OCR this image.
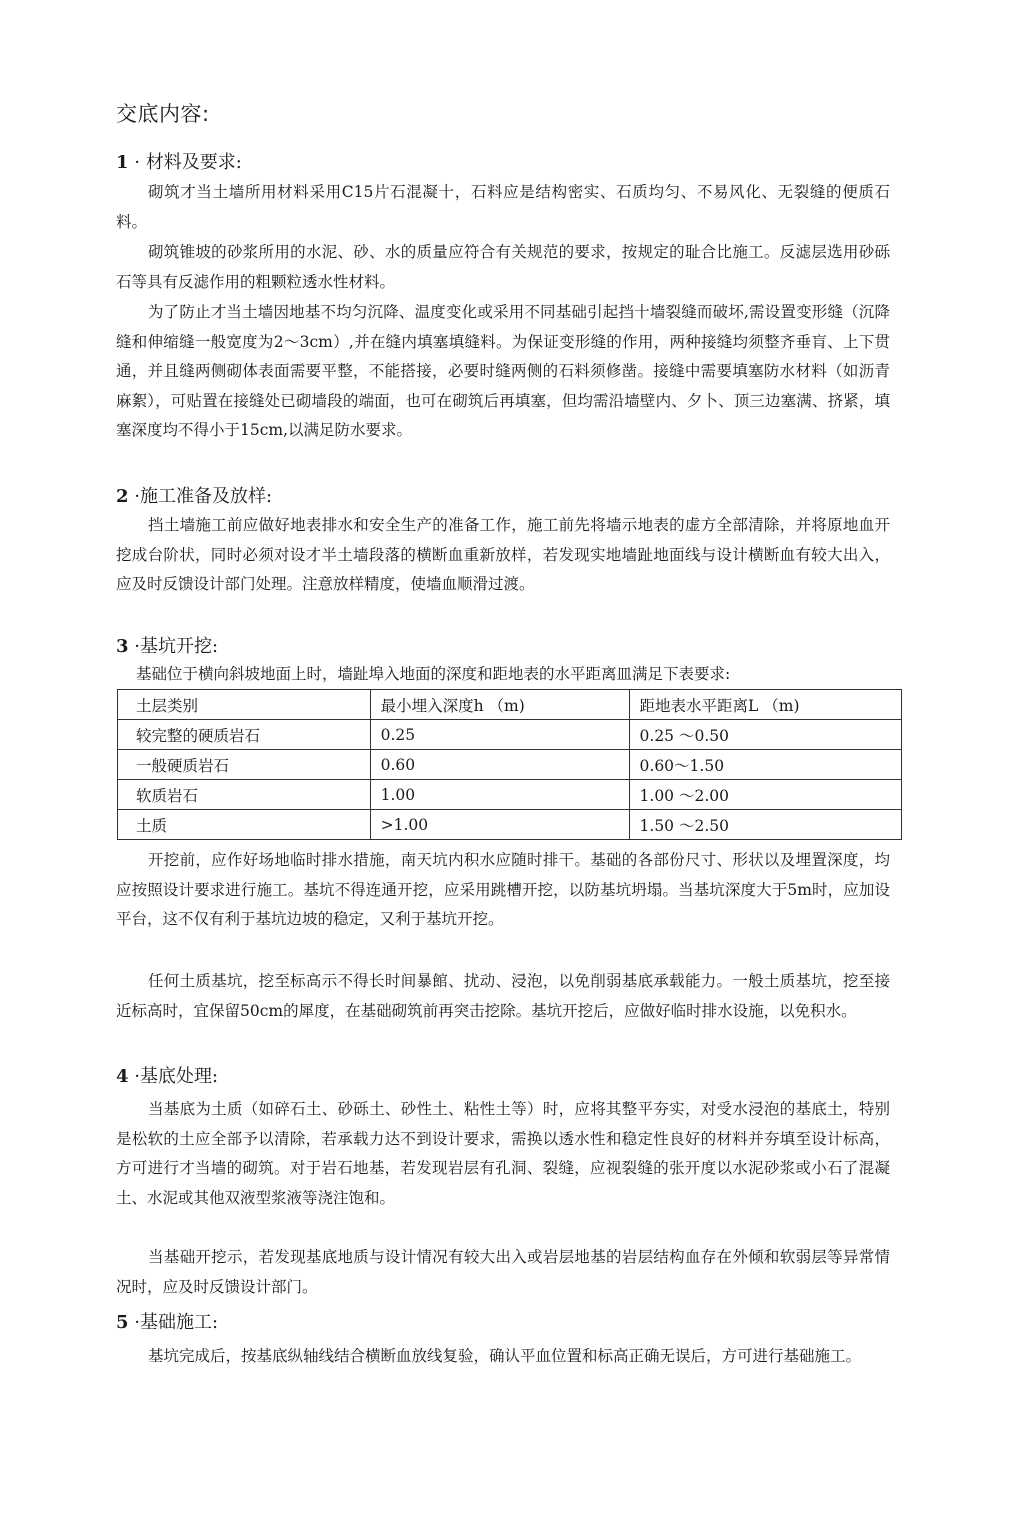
交底内容:
1 · 材料及要求:

砌筑才当土墙所用材料采用C15片石混凝十，石料应是结构密实、石质均匀、不易风化、无裂缝的便质石料。

砌筑锥坡的砂浆所用的水泥、砂、水的质量应符合有关规范的要求，按规定的耻合比施工。反滤层选用砂砾石等具有反滤作用的粗颗粒透水性材料。

为了防止才当土墙因地基不均匀沉降、温度变化或采用不同基础引起挡十墙裂缝而破坏,需设置变形缝（沉降缝和伸缩缝一般宽度为2～3cm）,并在缝内填塞填缝料。为保证变形缝的作用，两种接缝均须整齐垂肓、上下贯通，并且缝两侧砌体表面需要平整，不能搭接，必要时缝两侧的石料须修凿。接缝中需要填塞防水材料（如沥青麻絮），可贴置在接缝处已砌墙段的端面，也可在砌筑后再填塞，但均需沿墙壁内、夕卜、顶三边塞满、挤紧，填塞深度均不得小于15cm,以满足防水要求。

2 ·施工准备及放样:

挡土墙施工前应做好地表排水和安全生产的准备工作，施工前先将墙示地表的虚方全部清除，并将原地血开挖成台阶状，同时必须对设才半土墙段落的横断血重新放样，若发现实地墙趾地面线与设计横断血有较大出入，应及时反馈设计部门处理。注意放样精度，使墙血顺滑过渡。

3 ·基坑开挖:
基础位于横向斜坡地面上时，墙趾埠入地面的深度和距地表的水平距离皿满足下表要求:
土层类别	最小埋入深度h （m)	距地表水平距离L （m)
较完整的硬质岩石	0.25	0.25 ～0.50
一般硬质岩石	0.60	0.60～1.50
软质岩石	1.00	1.00 ～2.00
土质	>1.00	1.50 ～2.50

开挖前，应作好场地临时排水措施，南天坑内积水应随时排干。基础的各部份尺寸、形状以及埋置深度，均应按照设计要求进行施工。基坑不得连通开挖，应采用跳槽开挖，以防基坑坍塌。当基坑深度大于5m时，应加设平台，这不仅有利于基坑边坡的稳定，又利于基坑开挖。

任何土质基坑，挖至标高示不得长时间暴館、扰动、浸泡，以免削弱基底承载能力。一般土质基坑，挖至接近标高时，宜保留50cm的犀度，在基础砌筑前再突击挖除。基坑开挖后，应做好临时排水设施，以免积水。

4 ·基底处理:

当基底为土质（如碎石土、砂砾土、砂性土、粘性土等）时，应将其整平夯实，对受水浸泡的基底土，特别是松软的土应全部予以清除，若承载力达不到设计要求，需换以透水性和稳定性良好的材料并夯填至设计标高，方可进行才当墙的砌筑。对于岩石地基，若发现岩层有孔洞、裂缝，应视裂缝的张开度以水泥砂浆或小石了混凝土、水泥或其他双液型浆液等浇注饱和。

当基础开挖示，若发现基底地质与设计情况有较大出入或岩层地基的岩层结构血存在外倾和软弱层等异常情况时，应及时反馈设计部门。

5 ·基础施工:

基坑完成后，按基底纵轴线结合横断血放线复验，确认平血位置和标高正确无误后，方可进行基础施工。
